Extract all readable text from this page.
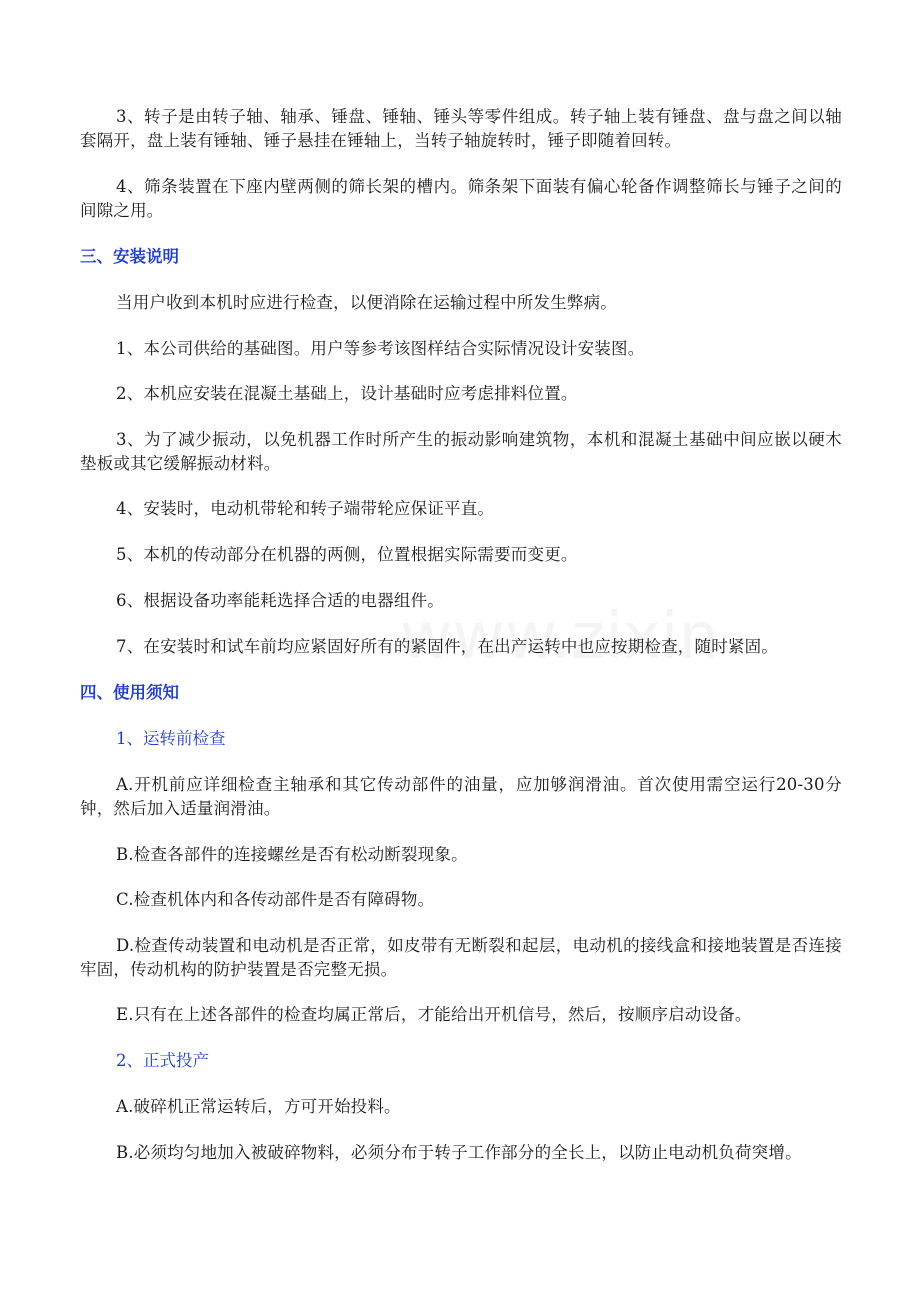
3、转子是由转子轴、轴承、锤盘、锤轴、锤头等零件组成。转子轴上装有锤盘、盘与盘之间以轴套隔开，盘上装有锤轴、锤子悬挂在锤轴上，当转子轴旋转时，锤子即随着回转。

4、筛条装置在下座内壁两侧的筛长架的槽内。筛条架下面装有偏心轮备作调整筛长与锤子之间的间隙之用。

三、安装说明

当用户收到本机时应进行检查，以便消除在运输过程中所发生弊病。

1、本公司供给的基础图。用户等参考该图样结合实际情况设计安装图。

2、本机应安装在混凝土基础上，设计基础时应考虑排料位置。

3、为了减少振动，以免机器工作时所产生的振动影响建筑物，本机和混凝土基础中间应嵌以硬木垫板或其它缓解振动材料。

4、安装时，电动机带轮和转子端带轮应保证平直。

5、本机的传动部分在机器的两侧，位置根据实际需要而变更。

6、根据设备功率能耗选择合适的电器组件。

7、在安装时和试车前均应紧固好所有的紧固件，在出产运转中也应按期检查，随时紧固。

四、使用须知

1、运转前检查

A.开机前应详细检查主轴承和其它传动部件的油量，应加够润滑油。首次使用需空运行20-30分钟，然后加入适量润滑油。

B.检查各部件的连接螺丝是否有松动断裂现象。

C.检查机体内和各传动部件是否有障碍物。

D.检查传动装置和电动机是否正常，如皮带有无断裂和起层，电动机的接线盒和接地装置是否连接牢固，传动机构的防护装置是否完整无损。

E.只有在上述各部件的检查均属正常后，才能给出开机信号，然后，按顺序启动设备。

2、正式投产

A.破碎机正常运转后，方可开始投料。

B.必须均匀地加入被破碎物料，必须分布于转子工作部分的全长上，以防止电动机负荷突增。
